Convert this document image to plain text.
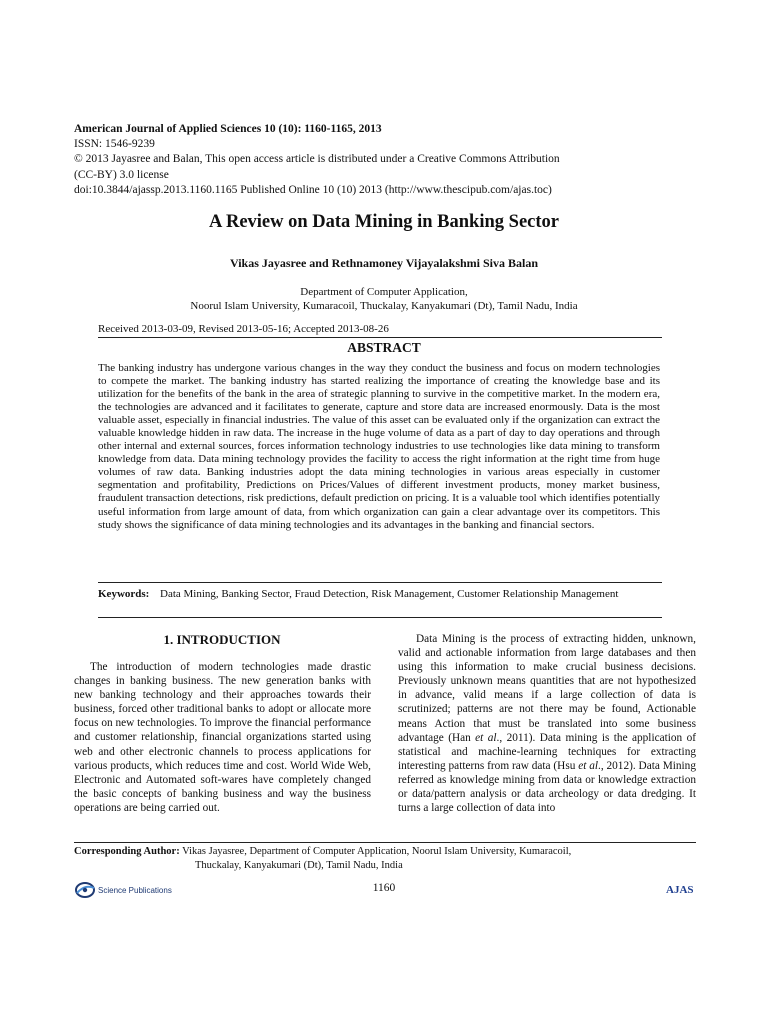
American Journal of Applied Sciences 10 (10): 1160-1165, 2013
ISSN: 1546-9239
© 2013 Jayasree and Balan, This open access article is distributed under a Creative Commons Attribution
(CC-BY) 3.0 license
doi:10.3844/ajassp.2013.1160.1165 Published Online 10 (10) 2013 (http://www.thescipub.com/ajas.toc)
A Review on Data Mining in Banking Sector
Vikas Jayasree and Rethnamoney Vijayalakshmi Siva Balan
Department of Computer Application,
Noorul Islam University, Kumaracoil, Thuckalay, Kanyakumari (Dt), Tamil Nadu, India
Received 2013-03-09, Revised 2013-05-16; Accepted 2013-08-26
ABSTRACT
The banking industry has undergone various changes in the way they conduct the business and focus on modern technologies to compete the market. The banking industry has started realizing the importance of creating the knowledge base and its utilization for the benefits of the bank in the area of strategic planning to survive in the competitive market. In the modern era, the technologies are advanced and it facilitates to generate, capture and store data are increased enormously. Data is the most valuable asset, especially in financial industries. The value of this asset can be evaluated only if the organization can extract the valuable knowledge hidden in raw data. The increase in the huge volume of data as a part of day to day operations and through other internal and external sources, forces information technology industries to use technologies like data mining to transform knowledge from data. Data mining technology provides the facility to access the right information at the right time from huge volumes of raw data. Banking industries adopt the data mining technologies in various areas especially in customer segmentation and profitability, Predictions on Prices/Values of different investment products, money market business, fraudulent transaction detections, risk predictions, default prediction on pricing. It is a valuable tool which identifies potentially useful information from large amount of data, from which organization can gain a clear advantage over its competitors. This study shows the significance of data mining technologies and its advantages in the banking and financial sectors.
Keywords: Data Mining, Banking Sector, Fraud Detection, Risk Management, Customer Relationship Management
1. INTRODUCTION
The introduction of modern technologies made drastic changes in banking business. The new generation banks with new banking technology and their approaches towards their business, forced other traditional banks to adopt or allocate more focus on new technologies. To improve the financial performance and customer relationship, financial organizations started using web and other electronic channels to process applications for various products, which reduces time and cost. World Wide Web, Electronic and Automated soft-wares have completely changed the basic concepts of banking business and way the business operations are being carried out.
Data Mining is the process of extracting hidden, unknown, valid and actionable information from large databases and then using this information to make crucial business decisions. Previously unknown means quantities that are not hypothesized in advance, valid means if a large collection of data is scrutinized; patterns are not there may be found, Actionable means Action that must be translated into some business advantage (Han et al., 2011). Data mining is the application of statistical and machine-learning techniques for extracting interesting patterns from raw data (Hsu et al., 2012). Data Mining referred as knowledge mining from data or knowledge extraction or data/pattern analysis or data archeology or data dredging. It turns a large collection of data into
Corresponding Author: Vikas Jayasree, Department of Computer Application, Noorul Islam University, Kumaracoil,
Thuckalay, Kanyakumari (Dt), Tamil Nadu, India
Science Publications	1160	AJAS
